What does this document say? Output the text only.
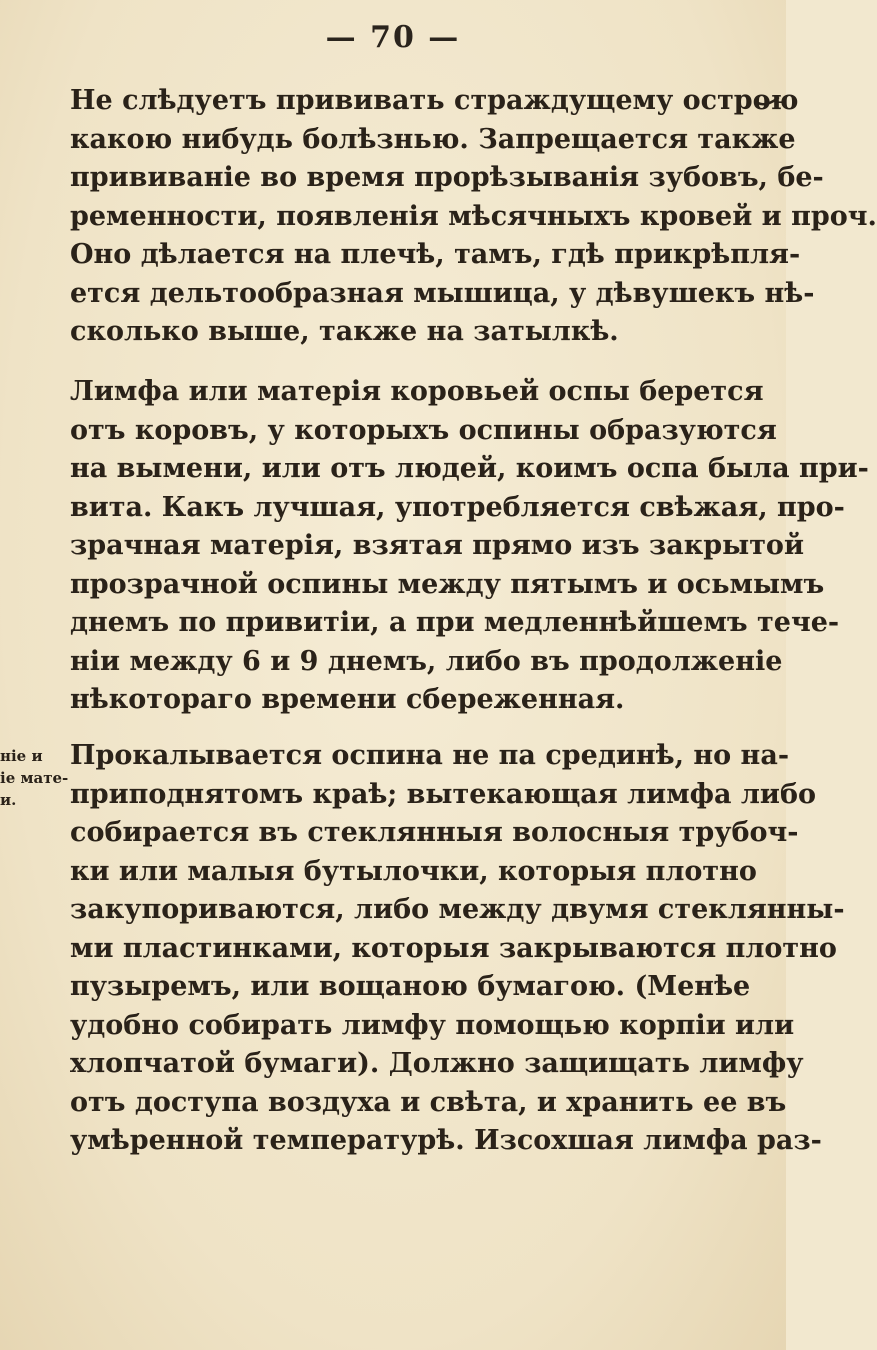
— 70 —
Не слѣдуетъ прививать страждущему острою
какою нибудь болѣзнью. Запрещается также
прививаніе во время прорѣзыванія зубовъ, бе-
ременности, появленія мѣсячныхъ кровей и проч.
Оно дѣлается на плечѣ, тамъ, гдѣ прикрѣпля-
ется дельтообразная мышица, у дѣвушекъ нѣ-
сколько выше, также на затылкѣ.
Лимфа или матерія коровьей оспы берется
отъ коровъ, у которыхъ оспины образуются
на вымени, или отъ людей, коимъ оспа была при-
вита. Какъ лучшая, употребляется свѣжая, про-
зрачная матерія, взятая прямо изъ закрытой
прозрачной оспины между пятымъ и осьмымъ
днемъ по привитіи, а при медленнѣйшемъ тече-
ніи между 6 и 9 днемъ, либо въ продолженіе
нѣкотораго времени сбереженная.
ніе и
ie мате-
и.
Прокалывается оспина не па срединѣ, но на-
приподнятомъ краѣ; вытекающая лимфа либо
собирается въ стеклянныя волосныя трубоч-
ки или малыя бутылочки, которыя плотно
закупориваются, либо между двумя стеклянны-
ми пластинками, которыя закрываются плотно
пузыремъ, или вощаною бумагою. (Менѣе
удобно собирать лимфу помощью корпіи или
хлопчатой бумаги). Должно защищать лимфу
отъ доступа воздуха и свѣта, и хранить ее въ
умѣренной температурѣ. Изсохшая лимфа раз-
